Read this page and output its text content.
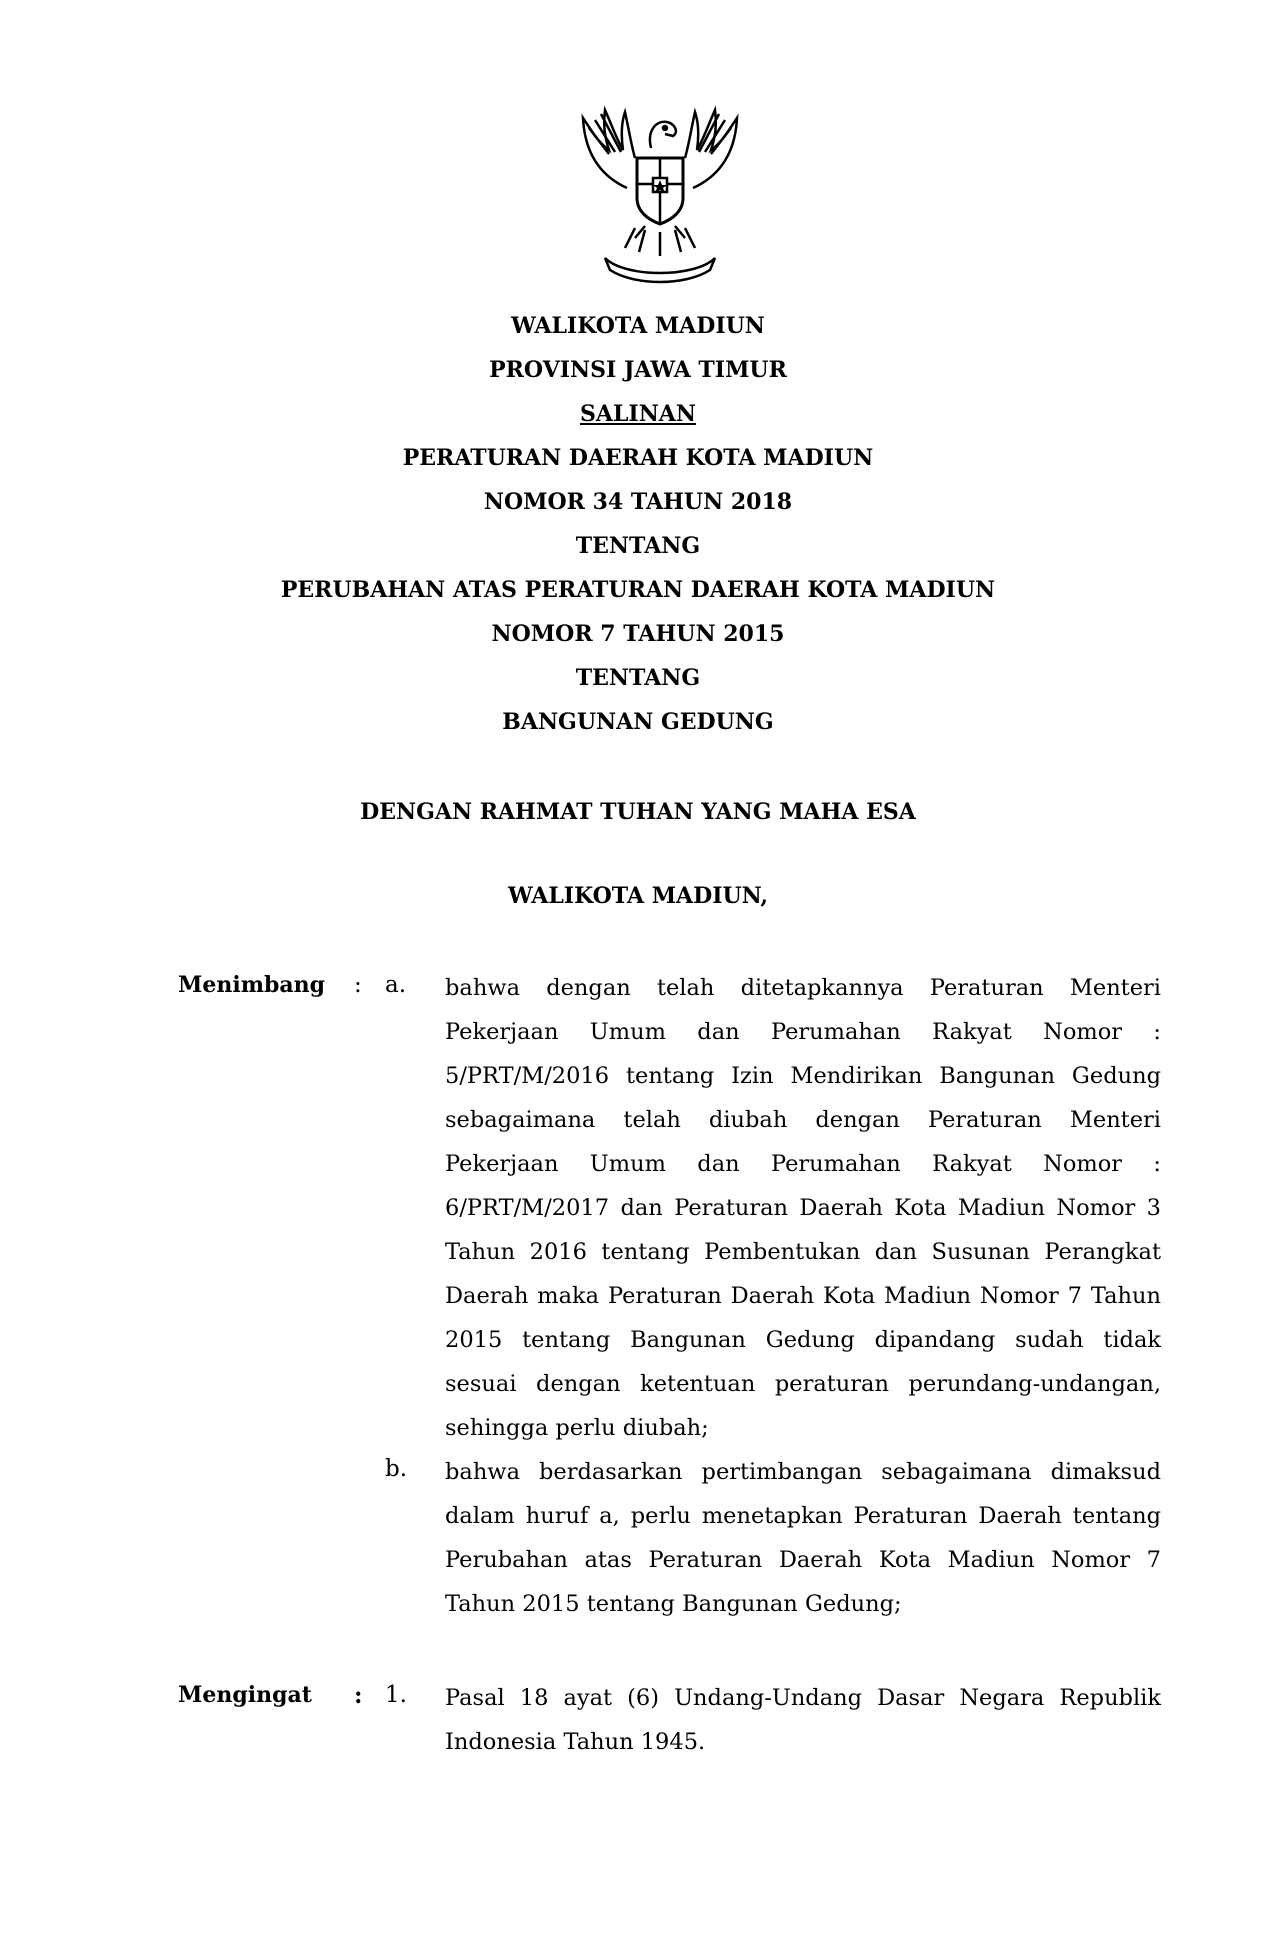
WALIKOTA MADIUN
PROVINSI JAWA TIMUR
SALINAN
PERATURAN DAERAH KOTA MADIUN
NOMOR 34 TAHUN 2018
TENTANG
PERUBAHAN ATAS PERATURAN DAERAH KOTA MADIUN
NOMOR 7 TAHUN 2015
TENTANG
BANGUNAN GEDUNG
DENGAN RAHMAT TUHAN YANG MAHA ESA
WALIKOTA MADIUN,
Menimbang : a. bahwa dengan telah ditetapkannya Peraturan Menteri Pekerjaan Umum dan Perumahan Rakyat Nomor : 5/PRT/M/2016 tentang Izin Mendirikan Bangunan Gedung sebagaimana telah diubah dengan Peraturan Menteri Pekerjaan Umum dan Perumahan Rakyat Nomor : 6/PRT/M/2017 dan Peraturan Daerah Kota Madiun Nomor 3 Tahun 2016 tentang Pembentukan dan Susunan Perangkat Daerah maka Peraturan Daerah Kota Madiun Nomor 7 Tahun 2015 tentang Bangunan Gedung dipandang sudah tidak sesuai dengan ketentuan peraturan perundang-undangan, sehingga perlu diubah;
b. bahwa berdasarkan pertimbangan sebagaimana dimaksud dalam huruf a, perlu menetapkan Peraturan Daerah tentang Perubahan atas Peraturan Daerah Kota Madiun Nomor 7 Tahun 2015 tentang Bangunan Gedung;
Mengingat : 1. Pasal 18 ayat (6) Undang-Undang Dasar Negara Republik Indonesia Tahun 1945.
